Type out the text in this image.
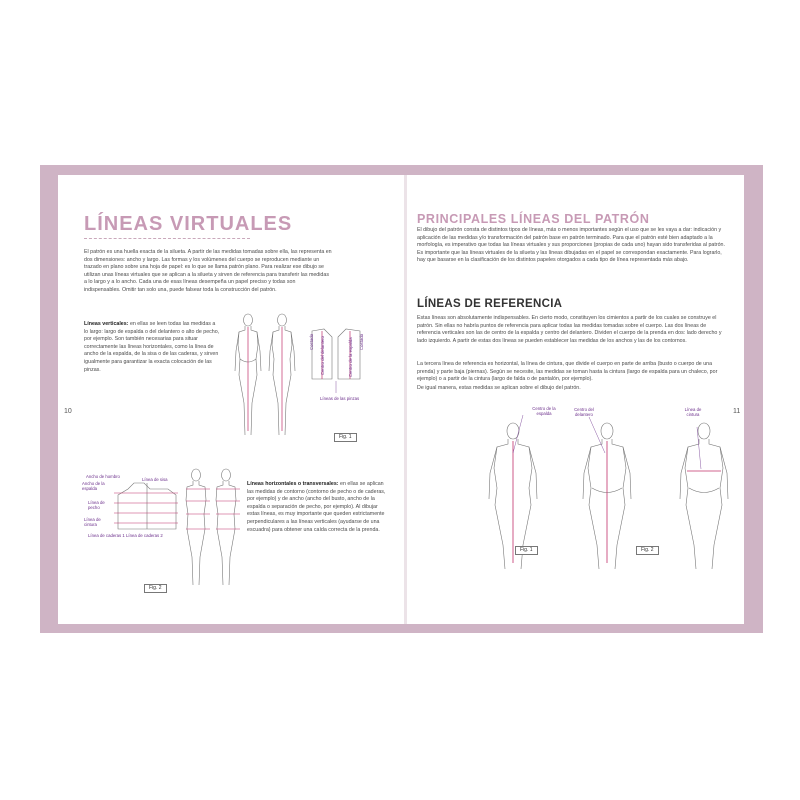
LÍNEAS VIRTUALES
El patrón es una huella exacta de la silueta. A partir de las medidas tomadas sobre ella, las representa en dos dimensiones: ancho y largo. Las formas y los volúmenes del cuerpo se reproducen mediante un trazado en plano sobre una hoja de papel: es lo que se llama patrón plano. Para realizar ese dibujo se utilizan unas líneas virtuales que se aplican a la silueta y sirven de referencia para transferir las medidas a lo largo y a lo ancho. Cada una de esas líneas desempeña un papel preciso y todas son indispensables. Omitir tan solo una, puede falsear toda la construcción del patrón.
Líneas verticales: en ellas se leen todas las medidas a lo largo: largo de espalda o del delantero o alto de pecho, por ejemplo. Son también necesarias para situar correctamente las líneas horizontales, como la línea de ancho de la espalda, de la sisa o de las caderas, y sirven igualmente para garantizar la exacta colocación de las pinzas.
Costado Centro del delantero	Centro de la espalda Costado
Líneas de las pinzas
Fig. 1
Ancho de hombro
Línea de sisa
Ancho de la espalda
Línea de pecho
Línea de cintura
Línea de caderas 1 Línea de caderas 2
Fig. 2
Líneas horizontales o transversales: en ellas se aplican las medidas de contorno (contorno de pecho o de caderas, por ejemplo) y de ancho (ancho del busto, ancho de la espalda o separación de pecho, por ejemplo). Al dibujar estas líneas, es muy importante que queden estrictamente perpendiculares a las líneas verticales (ayudarse de una escuadra) para obtener una caída correcta de la prenda.
10
PRINCIPALES LÍNEAS DEL PATRÓN
El dibujo del patrón consta de distintos tipos de líneas, más o menos importantes según el uso que se les vaya a dar: indicación y aplicación de las medidas y/o transformación del patrón base en patrón terminado. Para que el patrón esté bien adaptado a la morfología, es imperativo que todas las líneas virtuales y sus proporciones (propias de cada uno) hayan sido transferidas al patrón. Es importante que las líneas virtuales de la silueta y las líneas dibujadas en el papel se correspondan exactamente. Para lograrlo, hay que basarse en la clasificación de los distintos papeles otorgados a cada tipo de línea representada más abajo.
LÍNEAS DE REFERENCIA
Estas líneas son absolutamente indispensables. En cierto modo, constituyen los cimientos a partir de los cuales se construye el patrón. Sin ellas no habría puntos de referencia para aplicar todas las medidas tomadas sobre el cuerpo. Las dos líneas de referencia verticales son las de centro de la espalda y centro del delantero. Dividen el cuerpo de la prenda en dos: lado derecho y lado izquierdo. A partir de estas dos líneas se pueden establecer las medidas de los anchos y las de los contornos.
La tercera línea de referencia es horizontal, la línea de cintura, que divide el cuerpo en parte de arriba (busto o cuerpo de una prenda) y parte baja (piernas). Según se necesite, las medidas se toman hasta la cintura (largo de espalda para un chaleco, por ejemplo) o a partir de la cintura (largo de falda o de pantalón, por ejemplo).
De igual manera, estas medidas se aplican sobre el dibujo del patrón.
Centro de la espalda
Centro del delantero
Línea de cintura
Fig. 1	Fig. 2
11
